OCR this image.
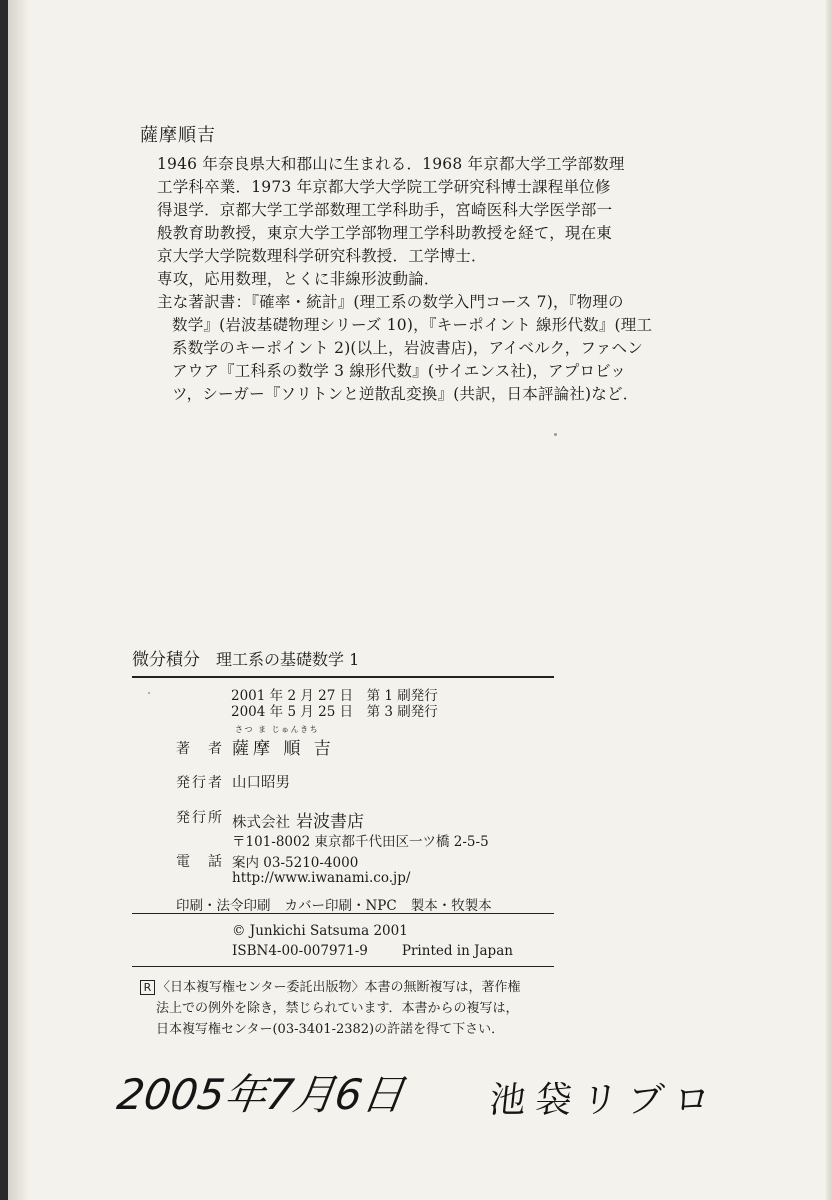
薩摩順吉
1946 年奈良県大和郡山に生まれる．1968 年京都大学工学部数理
工学科卒業．1973 年京都大学大学院工学研究科博士課程単位修
得退学．京都大学工学部数理工学科助手，宮崎医科大学医学部一
般教育助教授，東京大学工学部物理工学科助教授を経て，現在東
京大学大学院数理科学研究科教授．工学博士．
専攻，応用数理，とくに非線形波動論．
主な著訳書：『確率・統計』(理工系の数学入門コース 7)，『物理の
数学』(岩波基礎物理シリーズ 10)，『キーポイント 線形代数』(理工
系数学のキーポイント 2)(以上，岩波書店)，アイベルク，ファヘン
アウア『工科系の数学 3 線形代数』(サイエンス社)，アプロビッ
ツ，シーガー『ソリトンと逆散乱変換』(共訳，日本評論社)など．
微分積分 理工系の基礎数学 1
2001 年 2 月 27 日　第 1 刷発行
2004 年 5 月 25 日　第 3 刷発行
著　者
さつ ま じゅんきち
薩摩 順 吉
発行者 山口昭男
発行所 株式会社 岩波書店
〒101-8002 東京都千代田区一ツ橋 2-5-5
電　話 案内 03-5210-4000
http://www.iwanami.co.jp/
印刷・法令印刷 カバー印刷・NPC 製本・牧製本
© Junkichi Satsuma 2001
ISBN4-00-007971-9	Printed in Japan
R 〈日本複写権センター委託出版物〉本書の無断複写は，著作権
法上での例外を除き，禁じられています．本書からの複写は，
日本複写権センター(03-3401-2382)の許諾を得て下さい．
2005年7月6日 池袋リブロ
